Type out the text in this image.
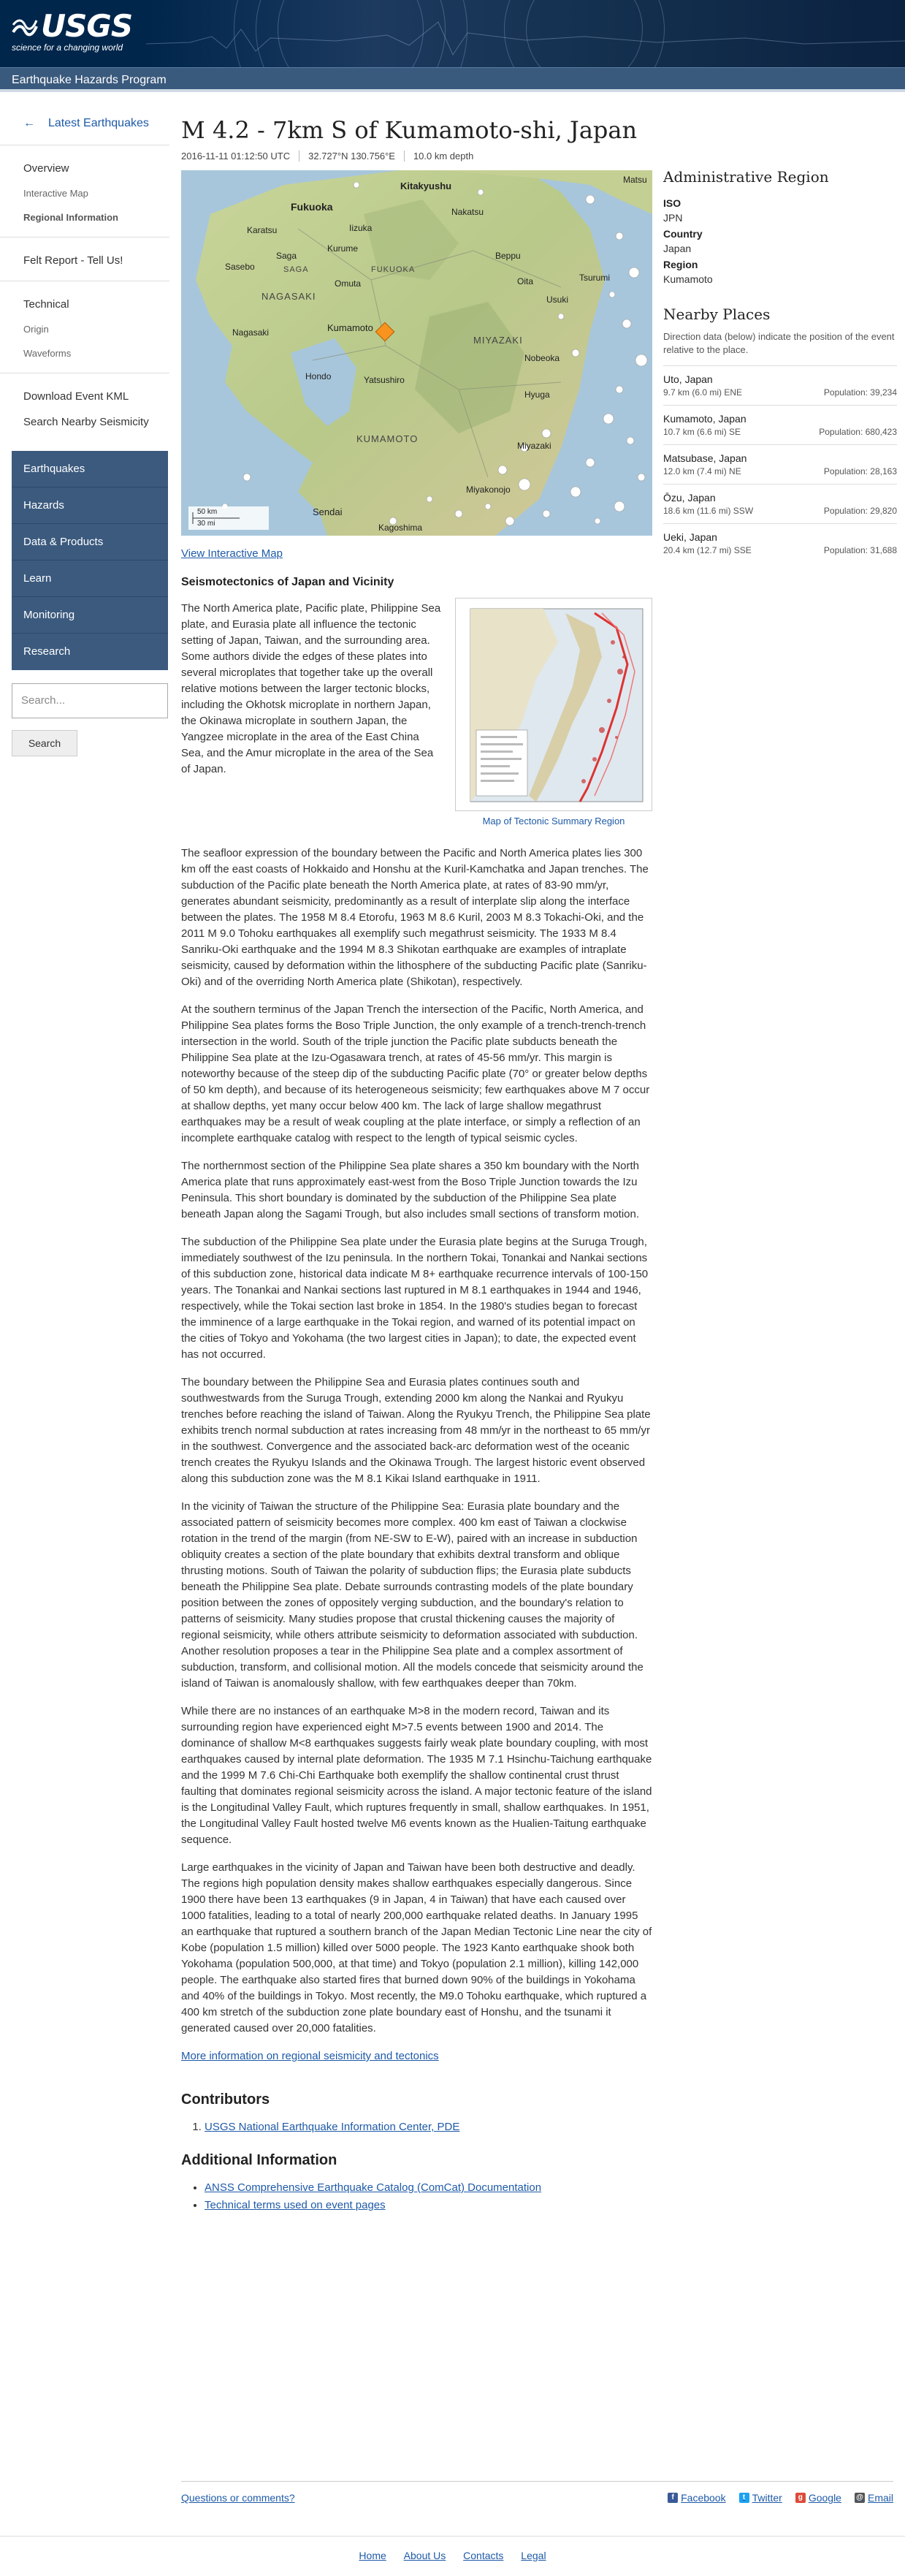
USGS
science for a changing world
Earthquake Hazards Program
← Latest Earthquakes
Overview
Interactive Map
Regional Information
Felt Report - Tell Us!
Technical
Origin
Waveforms
Download Event KML
Search Nearby Seismicity
Earthquakes
Hazards
Data & Products
Learn
Monitoring
Research
Search...
Search
M 4.2 - 7km S of Kumamoto-shi, Japan
2016-11-11 01:12:50 UTC	32.727°N 130.756°E	10.0 km depth
Fukuoka
Kitakyushu
Iizuka
Nakatsu
Karatsu
Kurume
Beppu
Oita
Saga
Sasebo
Omuta
Usuki
Tsurumi
Nagasaki	Kumamoto
Nobeoka
Hyuga
Yatsushiro
Hondo
Miyazaki
Kagoshima
Sendai
Miyakonojo
NAGASAKI
KUMAMOTO
MIYAZAKI
FUKUOKA
SAGA
Matsu
50 km
30 mi
View Interactive Map
Seismotectonics of Japan and Vicinity
Map of Tectonic Summary Region

The North America plate, Pacific plate, Philippine Sea plate, and Eurasia plate all influence the tectonic setting of Japan, Taiwan, and the surrounding area. Some authors divide the edges of these plates into several microplates that together take up the overall relative motions between the larger tectonic blocks, including the Okhotsk microplate in northern Japan, the Okinawa microplate in southern Japan, the Yangzee microplate in the area of the East China Sea, and the Amur microplate in the area of the Sea of Japan.

The seafloor expression of the boundary between the Pacific and North America plates lies 300 km off the east coasts of Hokkaido and Honshu at the Kuril-Kamchatka and Japan trenches. The subduction of the Pacific plate beneath the North America plate, at rates of 83-90 mm/yr, generates abundant seismicity, predominantly as a result of interplate slip along the interface between the plates. The 1958 M 8.4 Etorofu, 1963 M 8.6 Kuril, 2003 M 8.3 Tokachi-Oki, and the 2011 M 9.0 Tohoku earthquakes all exemplify such megathrust seismicity. The 1933 M 8.4 Sanriku-Oki earthquake and the 1994 M 8.3 Shikotan earthquake are examples of intraplate seismicity, caused by deformation within the lithosphere of the subducting Pacific plate (Sanriku-Oki) and of the overriding North America plate (Shikotan), respectively.

At the southern terminus of the Japan Trench the intersection of the Pacific, North America, and Philippine Sea plates forms the Boso Triple Junction, the only example of a trench-trench-trench intersection in the world. South of the triple junction the Pacific plate subducts beneath the Philippine Sea plate at the Izu-Ogasawara trench, at rates of 45-56 mm/yr. This margin is noteworthy because of the steep dip of the subducting Pacific plate (70° or greater below depths of 50 km depth), and because of its heterogeneous seismicity; few earthquakes above M 7 occur at shallow depths, yet many occur below 400 km. The lack of large shallow megathrust earthquakes may be a result of weak coupling at the plate interface, or simply a reflection of an incomplete earthquake catalog with respect to the length of typical seismic cycles.

The northernmost section of the Philippine Sea plate shares a 350 km boundary with the North America plate that runs approximately east-west from the Boso Triple Junction towards the Izu Peninsula. This short boundary is dominated by the subduction of the Philippine Sea plate beneath Japan along the Sagami Trough, but also includes small sections of transform motion.

The subduction of the Philippine Sea plate under the Eurasia plate begins at the Suruga Trough, immediately southwest of the Izu peninsula. In the northern Tokai, Tonankai and Nankai sections of this subduction zone, historical data indicate M 8+ earthquake recurrence intervals of 100-150 years. The Tonankai and Nankai sections last ruptured in M 8.1 earthquakes in 1944 and 1946, respectively, while the Tokai section last broke in 1854. In the 1980's studies began to forecast the imminence of a large earthquake in the Tokai region, and warned of its potential impact on the cities of Tokyo and Yokohama (the two largest cities in Japan); to date, the expected event has not occurred.

The boundary between the Philippine Sea and Eurasia plates continues south and southwestwards from the Suruga Trough, extending 2000 km along the Nankai and Ryukyu trenches before reaching the island of Taiwan. Along the Ryukyu Trench, the Philippine Sea plate exhibits trench normal subduction at rates increasing from 48 mm/yr in the northeast to 65 mm/yr in the southwest. Convergence and the associated back-arc deformation west of the oceanic trench creates the Ryukyu Islands and the Okinawa Trough. The largest historic event observed along this subduction zone was the M 8.1 Kikai Island earthquake in 1911.

In the vicinity of Taiwan the structure of the Philippine Sea: Eurasia plate boundary and the associated pattern of seismicity becomes more complex. 400 km east of Taiwan a clockwise rotation in the trend of the margin (from NE-SW to E-W), paired with an increase in subduction obliquity creates a section of the plate boundary that exhibits dextral transform and oblique thrusting motions. South of Taiwan the polarity of subduction flips; the Eurasia plate subducts beneath the Philippine Sea plate. Debate surrounds contrasting models of the plate boundary position between the zones of oppositely verging subduction, and the boundary's relation to patterns of seismicity. Many studies propose that crustal thickening causes the majority of regional seismicity, while others attribute seismicity to deformation associated with subduction. Another resolution proposes a tear in the Philippine Sea plate and a complex assortment of subduction, transform, and collisional motion. All the models concede that seismicity around the island of Taiwan is anomalously shallow, with few earthquakes deeper than 70km.

While there are no instances of an earthquake M>8 in the modern record, Taiwan and its surrounding region have experienced eight M>7.5 events between 1900 and 2014. The dominance of shallow M<8 earthquakes suggests fairly weak plate boundary coupling, with most earthquakes caused by internal plate deformation. The 1935 M 7.1 Hsinchu-Taichung earthquake and the 1999 M 7.6 Chi-Chi Earthquake both exemplify the shallow continental crust thrust faulting that dominates regional seismicity across the island. A major tectonic feature of the island is the Longitudinal Valley Fault, which ruptures frequently in small, shallow earthquakes. In 1951, the Longitudinal Valley Fault hosted twelve M6 events known as the Hualien-Taitung earthquake sequence.

Large earthquakes in the vicinity of Japan and Taiwan have been both destructive and deadly. The regions high population density makes shallow earthquakes especially dangerous. Since 1900 there have been 13 earthquakes (9 in Japan, 4 in Taiwan) that have each caused over 1000 fatalities, leading to a total of nearly 200,000 earthquake related deaths. In January 1995 an earthquake that ruptured a southern branch of the Japan Median Tectonic Line near the city of Kobe (population 1.5 million) killed over 5000 people. The 1923 Kanto earthquake shook both Yokohama (population 500,000, at that time) and Tokyo (population 2.1 million), killing 142,000 people. The earthquake also started fires that burned down 90% of the buildings in Yokohama and 40% of the buildings in Tokyo. Most recently, the M9.0 Tohoku earthquake, which ruptured a 400 km stretch of the subduction zone plate boundary east of Honshu, and the tsunami it generated caused over 20,000 fatalities.

More information on regional seismicity and tectonics
Contributors
1. USGS National Earthquake Information Center, PDE
Additional Information
• ANSS Comprehensive Earthquake Catalog (ComCat) Documentation
• Technical terms used on event pages
Administrative Region
ISO
JPN
Country
Japan
Region
Kumamoto
Nearby Places
Direction data (below) indicate the position of the event relative to the place.
Uto, Japan
9.7 km (6.0 mi) ENE	Population: 39,234
Kumamoto, Japan
10.7 km (6.6 mi) SE	Population: 680,423
Matsubase, Japan
12.0 km (7.4 mi) NE	Population: 28,163
Ōzu, Japan
18.6 km (11.6 mi) SSW	Population: 29,820
Ueki, Japan
20.4 km (12.7 mi) SSE	Population: 31,688
Questions or comments?	f Facebook	t Twitter	g Google @ Email
Home About Us Contacts Legal
